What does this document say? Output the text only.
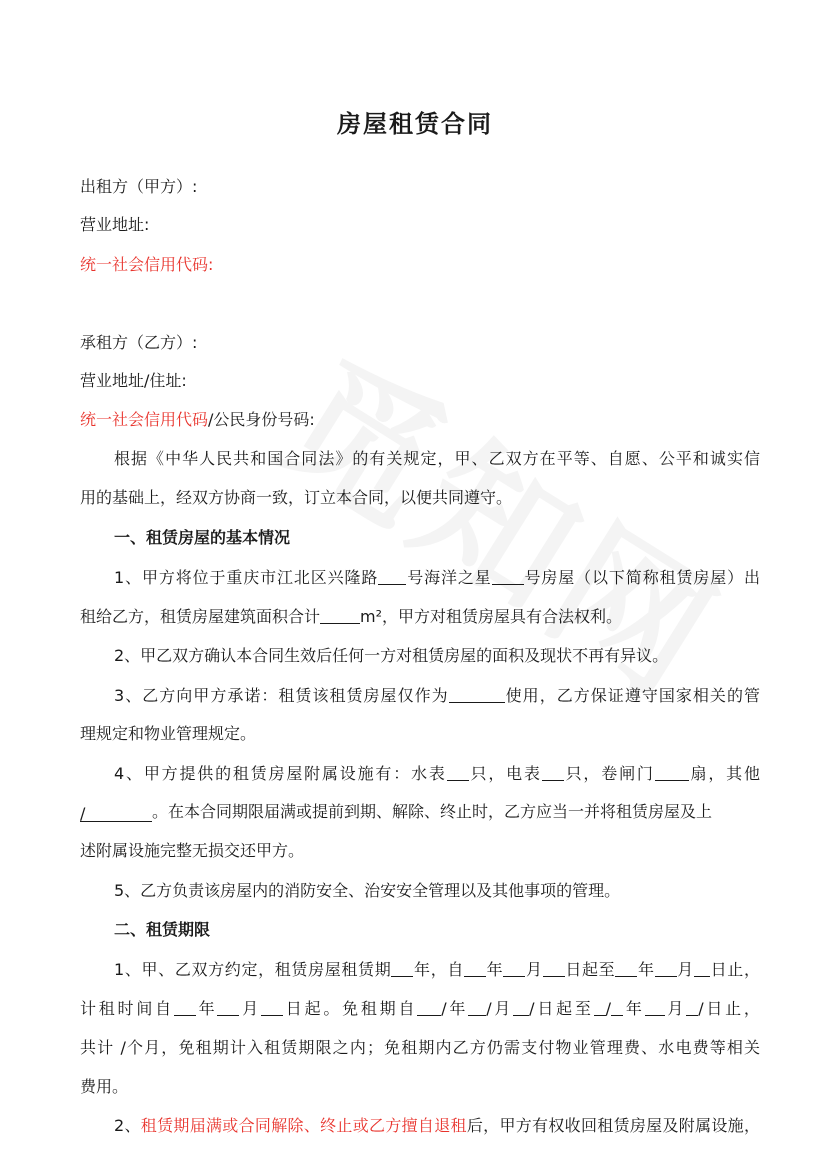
房屋租赁合同
出租方（甲方）:
营业地址:
统一社会信用代码:
承租方（乙方）:
营业地址/住址:
统一社会信用代码/公民身份号码:
根据《中华人民共和国合同法》的有关规定，甲、乙双方在平等、自愿、公平和诚实信
用的基础上，经双方协商一致，订立本合同，以便共同遵守。
一、租赁房屋的基本情况
1、甲方将位于重庆市江北区兴隆路 号海洋之星 号房屋（以下简称租赁房屋）出
租给乙方，租赁房屋建筑面积合计	m²，甲方对租赁房屋具有合法权利。
2、甲乙双方确认本合同生效后任何一方对租赁房屋的面积及现状不再有异议。
3、乙方向甲方承诺：租赁该租赁房屋仅作为	使用，乙方保证遵守国家相关的管
理规定和物业管理规定。
4、甲方提供的租赁房屋附属设施有：水表 只，电表 只，卷闸门 扇，其他
/	。在本合同期限届满或提前到期、解除、终止时，乙方应当一并将租赁房屋及上
述附属设施完整无损交还甲方。
5、乙方负责该房屋内的消防安全、治安安全管理以及其他事项的管理。
二、租赁期限
1、甲、乙双方约定，租赁房屋租赁期 年，自 年 月 日起至 年 月 日止，
计租时间自 年 月 日起。免租期自 /年 /月 /日起至 / 年 月 /日止，
共计 /个月，免租期计入租赁期限之内；免租期内乙方仍需支付物业管理费、水电费等相关
费用。
2、租赁期届满或合同解除、终止或乙方擅自退租后，甲方有权收回租赁房屋及附属设施，
